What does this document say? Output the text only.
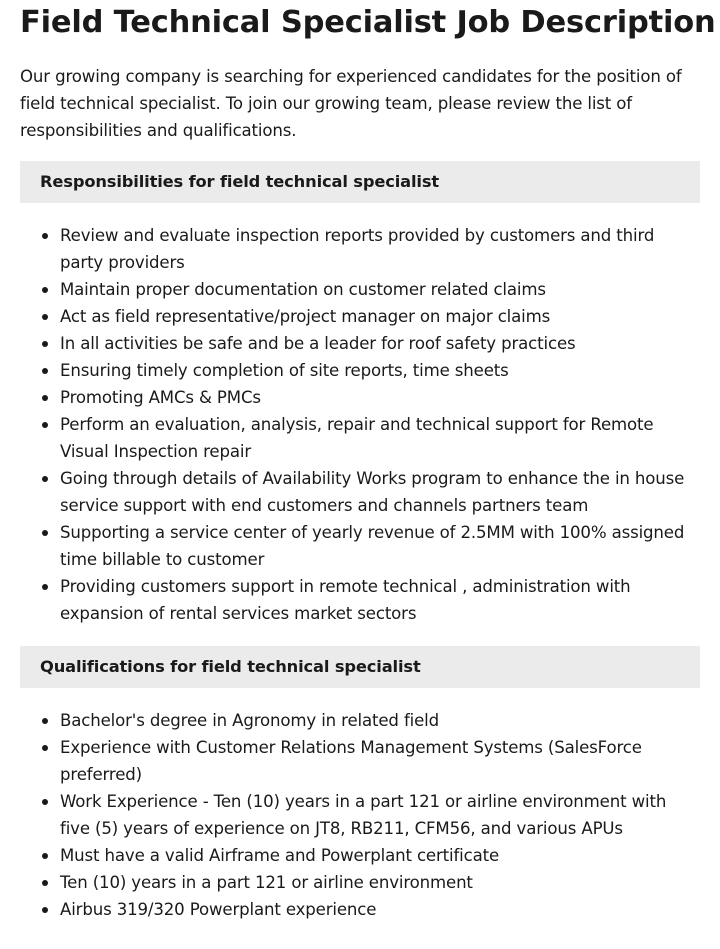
Field Technical Specialist Job Description

Our growing company is searching for experienced candidates for the position of field technical specialist. To join our growing team, please review the list of responsibilities and qualifications.

Responsibilities for field technical specialist
Review and evaluate inspection reports provided by customers and third party providers
Maintain proper documentation on customer related claims
Act as field representative/project manager on major claims
In all activities be safe and be a leader for roof safety practices
Ensuring timely completion of site reports, time sheets
Promoting AMCs & PMCs
Perform an evaluation, analysis, repair and technical support for Remote Visual Inspection repair
Going through details of Availability Works program to enhance the in house service support with end customers and channels partners team
Supporting a service center of yearly revenue of 2.5MM with 100% assigned time billable to customer
Providing customers support in remote technical , administration with expansion of rental services market sectors
Qualifications for field technical specialist
Bachelor's degree in Agronomy in related field
Experience with Customer Relations Management Systems (SalesForce preferred)
Work Experience - Ten (10) years in a part 121 or airline environment with five (5) years of experience on JT8, RB211, CFM56, and various APUs
Must have a valid Airframe and Powerplant certificate
Ten (10) years in a part 121 or airline environment
Airbus 319/320 Powerplant experience
